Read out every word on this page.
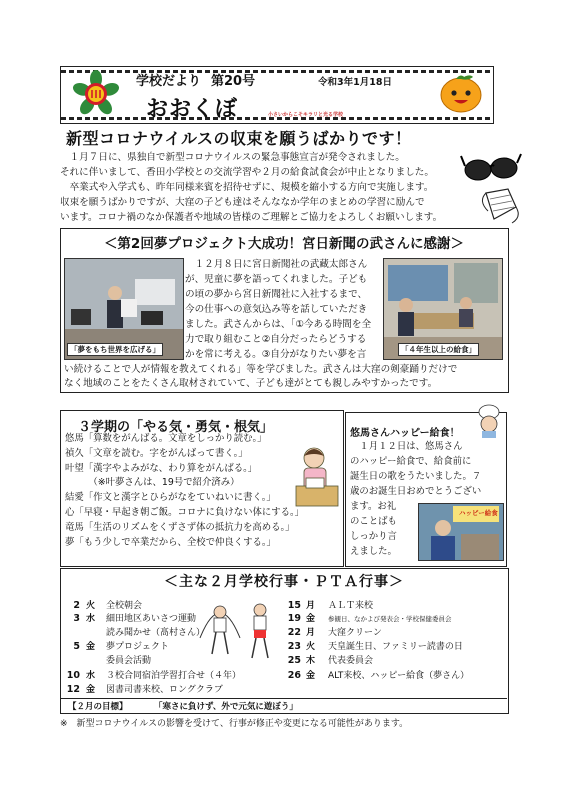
学校だより 第20号	令和3年1月18日
おおくぼ	小さいからこそキラリと光る学校
新型コロナウイルスの収束を願うばかりです！
　１月７日に、県独自で新型コロナウイルスの緊急事態宣言が発令されました。
それに伴いまして、香田小学校との交流学習や２月の給食試食会が中止となりました。
　卒業式や入学式も、昨年同様来賓を招待せずに、規模を縮小する方向で実施します。
収束を願うばかりですが、大窪の子ども達はそんななか学年のまとめの学習に励んで
います。コロナ禍のなか保護者や地域の皆様のご理解とご協力をよろしくお願いします。
＜第2回夢プロジェクト大成功！宮日新聞の武さんに感謝＞
「夢をもち世界を広げる」	「４年生以上の給食」
　１２月８日に宮日新聞社の武藏太郎さん
が、児童に夢を語ってくれました。子ども
の頃の夢から宮日新聞社に入社するまで、
今の仕事への意気込み等を話していただき
ました。武さんからは、「①今ある時間を全
力で取り組むこと②自分だったらどうする
かを常に考える。③自分がなりたい夢を言
い続けることで人が情報を教えてくれる」等を学びました。武さんは大窪の剣豪踊りだけで
なく地域のことをたくさん取材されていて、子ども達がとても親しみやすかったです。
３学期の「やる気・勇気・根気」
悠馬「算数をがんばる。文章をしっかり読む。」
禎久「文章を読む。字をがんばって書く。」
叶望「漢字やよみがな、わり算をがんばる。」
　　　（※叶夢さんは、19号で紹介済み）
結愛「作文と漢字とひらがなをていねいに書く。」
心「早寝・早起き朝ご飯。コロナに負けない体にする。」
竜馬「生活のリズムをくずさず体の抵抗力を高める。」
夢「もう少しで卒業だから、全校で仲良くする。」
悠馬さんハッピー給食！
　１月１２日は、悠馬さん
のハッピー給食で、給食前に
誕生日の歌をうたいました。７
歳のお誕生日おめでとうござい
ます。お礼
のことばも
しっかり言
えました。
ハッピー給食
＜主な２月学校行事・ＰＴＡ行事＞
2 火 全校朝会
3 水 細田地区あいさつ運動
読み聞かせ（髙村さん）
5 金 夢プロジェクト
委員会活動
10 水 ３校合同宿泊学習打合せ（４年）
12 金 図書司書来校、ロングクラブ
15 月 ＡＬＴ来校
19 金 参観日、なかよび発表会・学校保健委員会
22 月 大窪クリーン
23 火 天皇誕生日、ファミリー読書の日
25 木 代表委員会
26 金 ALT来校、ハッピー給食（夢さん）
【２月の目標】	「寒さに負けず、外で元気に遊ぼう」
※　新型コロナウイルスの影響を受けて、行事が修正や変更になる可能性があります。
